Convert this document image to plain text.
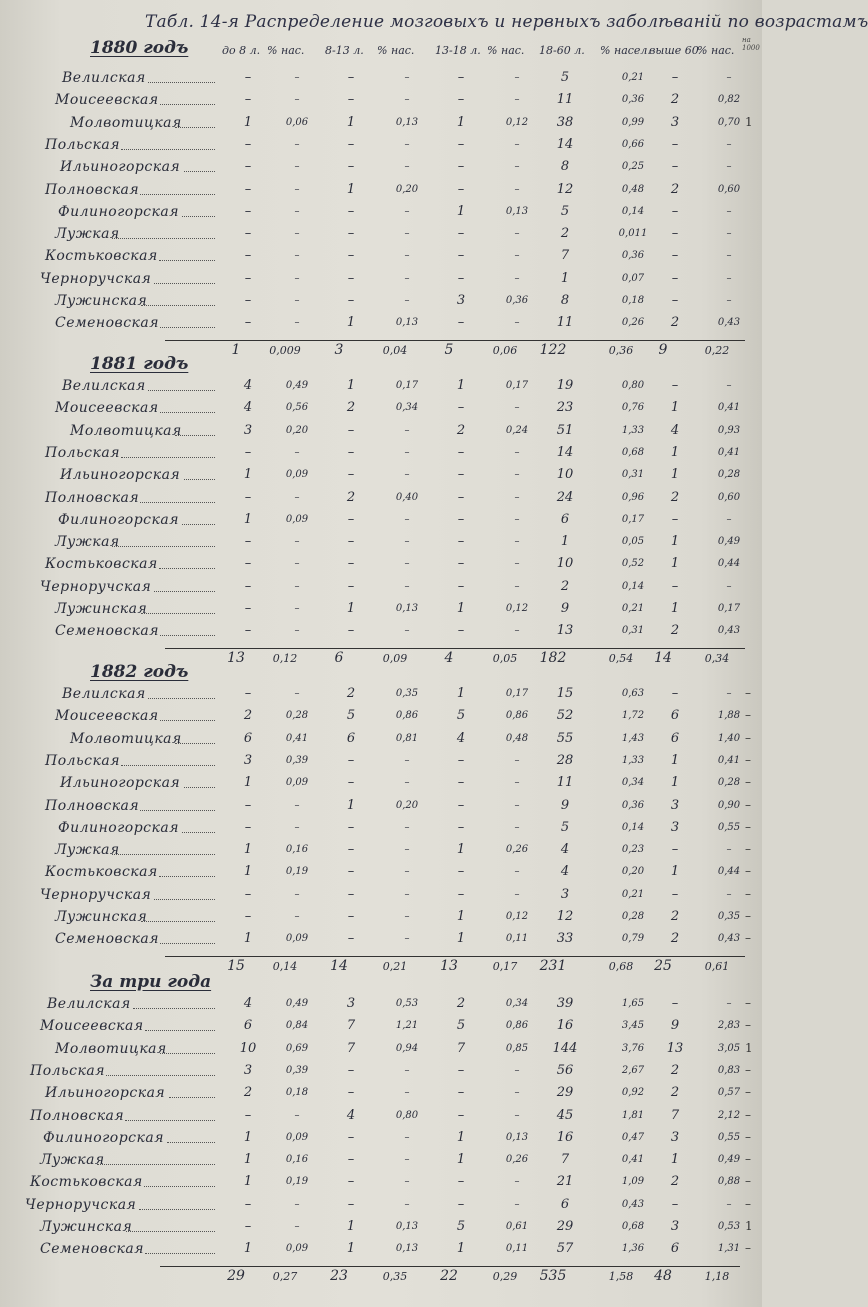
Табл. 14-я Распределение мозговыхъ и нервныхъ заболѣваній по возрастамъ
на 1000
до 8 л. % нас. 8-13 л. % нас. 13-18 л. % нас. 18-60 л. % насел.
выше 60
% нас.
1880 годъ
Велилская	–	–	–	–	–	–	5	0,21	–	–
Моисеевская	–	–	–	–	–	–	11	0,36	2	0,82
Молвотицкая	1	0,06	1	0,13	1	0,12	38	0,99	3	0,70 1
Польская	–	–	–	–	–	–	14	0,66	–	–
Ильиногорская	–	–	–	–	–	–	8	0,25	–	–
Полновская	–	–	1	0,20	–	–	12	0,48	2	0,60
Филиногорская	–	–	–	–	1	0,13	5	0,14	–	–
Лужкая	–	–	–	–	–	–	2	0,011	–	–
Костьковская	–	–	–	–	–	–	7	0,36	–	–
Черноручская	–	–	–	–	–	–	1	0,07	–	–
Лужинская	–	–	–	–	3	0,36	8	0,18	–	–
Семеновская	–	–	1	0,13	–	–	11	0,26	2	0,43
1	0,009	3	0,04	5	0,06	122	0,36	9	0,22
1881 годъ
Велилская	4	0,49	1	0,17	1	0,17	19	0,80	–	–
Моисеевская	4	0,56	2	0,34	–	–	23	0,76	1	0,41
Молвотицкая	3	0,20	–	–	2	0,24	51	1,33	4	0,93
Польская	–	–	–	–	–	–	14	0,68	1	0,41
Ильиногорская	1	0,09	–	–	–	–	10	0,31	1	0,28
Полновская	–	–	2	0,40	–	–	24	0,96	2	0,60
Филиногорская	1	0,09	–	–	–	–	6	0,17	–	–
Лужкая	–	–	–	–	–	–	1	0,05	1	0,49
Костьковская	–	–	–	–	–	–	10	0,52	1	0,44
Черноручская	–	–	–	–	–	–	2	0,14	–	–
Лужинская	–	–	1	0,13	1	0,12	9	0,21	1	0,17
Семеновская	–	–	–	–	–	–	13	0,31	2	0,43
13	0,12	6	0,09	4	0,05	182	0,54	14	0,34
1882 годъ
Велилская	–	–	2	0,35	1	0,17	15	0,63	–	–	–
Моисеевская	2	0,28	5	0,86	5	0,86	52	1,72	6	1,88 –
Молвотицкая	6	0,41	6	0,81	4	0,48	55	1,43	6	1,40 –
Польская	3	0,39	–	–	–	–	28	1,33	1	0,41 –
Ильиногорская	1	0,09	–	–	–	–	11	0,34	1	0,28 –
Полновская	–	–	1	0,20	–	–	9	0,36	3	0,90 –
Филиногорская	–	–	–	–	–	–	5	0,14	3	0,55 –
Лужкая	1	0,16	–	–	1	0,26	4	0,23	–	–	–
Костьковская	1	0,19	–	–	–	–	4	0,20	1	0,44 –
Черноручская	–	–	–	–	–	–	3	0,21	–	–	–
Лужинская	–	–	–	–	1	0,12	12	0,28	2	0,35 –
Семеновская	1	0,09	–	–	1	0,11	33	0,79	2	0,43 –
15	0,14	14	0,21	13	0,17	231	0,68	25	0,61
За три года
Велилская	4	0,49	3	0,53	2	0,34	39	1,65	–	–	–
Моисеевская	6	0,84	7	1,21	5	0,86	16	3,45	9	2,83 –
Молвотицкая	10	0,69	7	0,94	7	0,85	144	3,76	13	3,05 1
Польская	3	0,39	–	–	–	–	56	2,67	2	0,83 –
Ильиногорская	2	0,18	–	–	–	–	29	0,92	2	0,57 –
Полновская	–	–	4	0,80	–	–	45	1,81	7	2,12 –
Филиногорская	1	0,09	–	–	1	0,13	16	0,47	3	0,55 –
Лужкая	1	0,16	–	–	1	0,26	7	0,41	1	0,49 –
Костьковская	1	0,19	–	–	–	–	21	1,09	2	0,88 –
Черноручская	–	–	–	–	–	–	6	0,43	–	–	–
Лужинская	–	–	1	0,13	5	0,61	29	0,68	3	0,53 1
Семеновская	1	0,09	1	0,13	1	0,11	57	1,36	6	1,31 –
29	0,27	23	0,35	22	0,29	535	1,58	48	1,18
